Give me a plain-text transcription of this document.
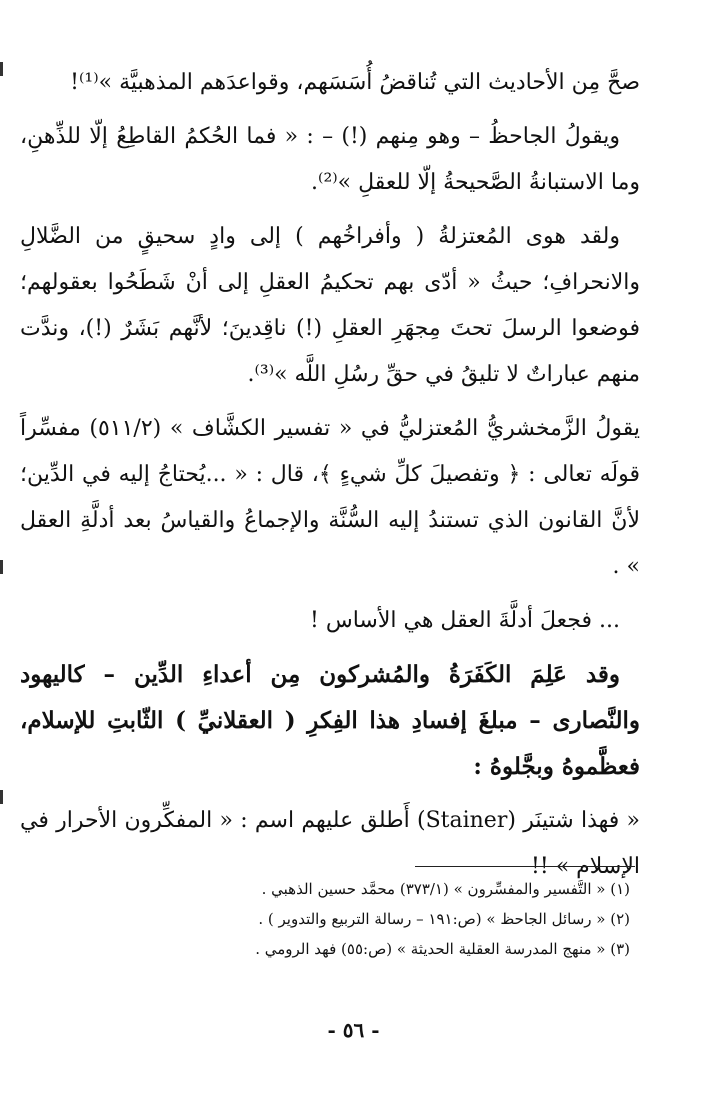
صحَّ مِن الأحاديث التي تُناقضُ أُسَسَهم، وقواعدَهم المذهبيَّة »⁽¹⁾!

ويقولُ الجاحظُ – وهو مِنهم (!) – : « فما الحُكمُ القاطِعُ إلّا للذِّهنِ، وما الاستبانةُ الصَّحيحةُ إلّا للعقلِ »⁽²⁾.

ولقد هوى المُعتزلةُ ( وأفراخُهم ) إلى وادٍ سحيقٍ من الضَّلالِ والانحرافِ؛ حيثُ « أدّى بهم تحكيمُ العقلِ إلى أنْ شَطَحُوا بعقولهم؛ فوضعوا الرسلَ تحتَ مِجهَرِ العقلِ (!) ناقِدينَ؛ لأنَّهم بَشَرٌ (!)، وندَّت منهم عباراتٌ لا تليقُ في حقِّ رسُلِ اللَّه »⁽³⁾.

يقولُ الزَّمخشريُّ المُعتزليُّ في « تفسير الكشَّاف » (٥١١/٢) مفسِّراً قولَه تعالى : ﴿ وتفصيلَ كلِّ شيءٍ ﴾، قال : « ...يُحتاجُ إليه في الدِّين؛ لأنَّ القانون الذي تستندُ إليه السُّنَّة والإجماعُ والقياسُ بعد أدلَّةِ العقل » .

... فجعلَ أدلَّةَ العقل هي الأساس !

وقد عَلِمَ الكَفَرَةُ والمُشركون مِن أعداءِ الدِّين – كاليهود والنَّصارى – مبلغَ إفسادِ هذا الفِكرِ ( العقلانيِّ ) الثّابتِ للإسلام، فعظَّموهُ وبجَّلوهُ :

« فهذا شتينَر (Stainer) أَطلق عليهم اسم : « المفكِّرون الأحرار في الإسلام » !!

(١) « التَّفسير والمفسِّرون » (٣٧٣/١) محمَّد حسين الذهبي .

(٢) « رسائل الجاحظ » (ص:١٩١ – رسالة التربيع والتدوير ) .

(٣) « منهج المدرسة العقلية الحديثة » (ص:٥٥) فهد الرومي .

- ٥٦ -
